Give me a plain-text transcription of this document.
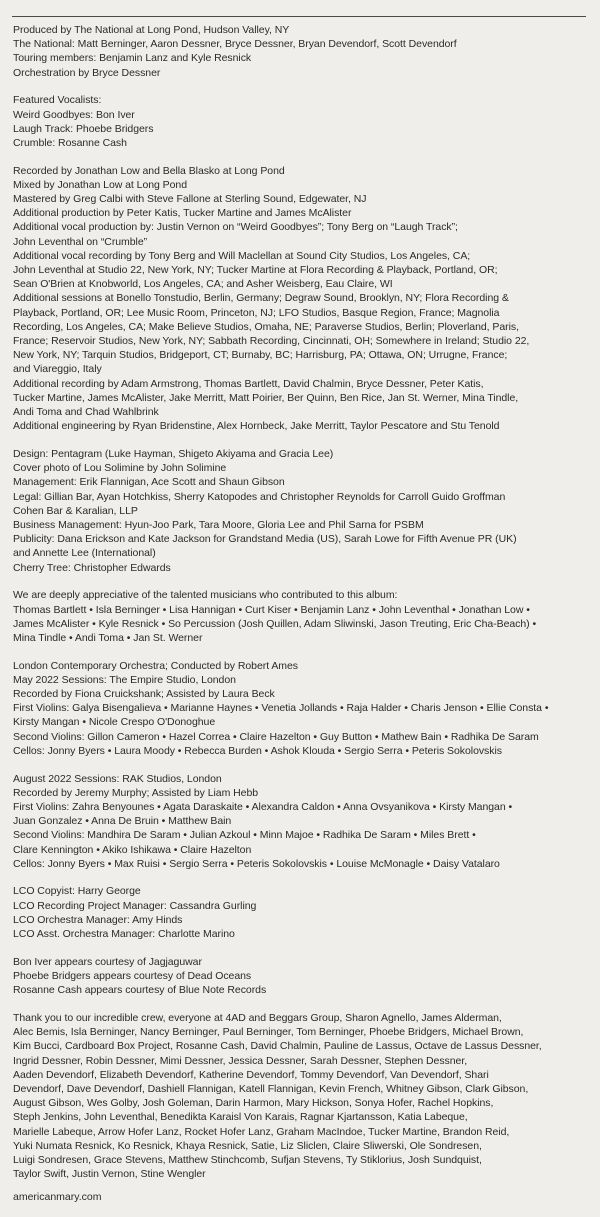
Produced by The National at Long Pond, Hudson Valley, NY
The National: Matt Berninger, Aaron Dessner, Bryce Dessner, Bryan Devendorf, Scott Devendorf
Touring members: Benjamin Lanz and Kyle Resnick
Orchestration by Bryce Dessner
Featured Vocalists:
Weird Goodbyes: Bon Iver
Laugh Track: Phoebe Bridgers
Crumble: Rosanne Cash
Recorded by Jonathan Low and Bella Blasko at Long Pond
Mixed by Jonathan Low at Long Pond
Mastered by Greg Calbi with Steve Fallone at Sterling Sound, Edgewater, NJ
Additional production by Peter Katis, Tucker Martine and James McAlister
Additional vocal production by: Justin Vernon on “Weird Goodbyes”; Tony Berg on “Laugh Track”;
John Leventhal on “Crumble”
Additional vocal recording by Tony Berg and Will Maclellan at Sound City Studios, Los Angeles, CA;
John Leventhal at Studio 22, New York, NY; Tucker Martine at Flora Recording & Playback, Portland, OR;
Sean O'Brien at Knobworld, Los Angeles, CA; and Asher Weisberg, Eau Claire, WI
Additional sessions at Bonello Tonstudio, Berlin, Germany; Degraw Sound, Brooklyn, NY; Flora Recording &
Playback, Portland, OR; Lee Music Room, Princeton, NJ; LFO Studios, Basque Region, France; Magnolia
Recording, Los Angeles, CA; Make Believe Studios, Omaha, NE; Paraverse Studios, Berlin; Ploverland, Paris,
France; Reservoir Studios, New York, NY; Sabbath Recording, Cincinnati, OH; Somewhere in Ireland; Studio 22,
New York, NY; Tarquin Studios, Bridgeport, CT; Burnaby, BC; Harrisburg, PA; Ottawa, ON; Urrugne, France;
and Viareggio, Italy
Additional recording by Adam Armstrong, Thomas Bartlett, David Chalmin, Bryce Dessner, Peter Katis,
Tucker Martine, James McAlister, Jake Merritt, Matt Poirier, Ber Quinn, Ben Rice, Jan St. Werner, Mina Tindle,
Andi Toma and Chad Wahlbrink
Additional engineering by Ryan Bridenstine, Alex Hornbeck, Jake Merritt, Taylor Pescatore and Stu Tenold
Design: Pentagram (Luke Hayman, Shigeto Akiyama and Gracia Lee)
Cover photo of Lou Solimine by John Solimine
Management: Erik Flannigan, Ace Scott and Shaun Gibson
Legal: Gillian Bar, Ayan Hotchkiss, Sherry Katopodes and Christopher Reynolds for Carroll Guido Groffman
Cohen Bar & Karalian, LLP
Business Management: Hyun-Joo Park, Tara Moore, Gloria Lee and Phil Sarna for PSBM
Publicity: Dana Erickson and Kate Jackson for Grandstand Media (US), Sarah Lowe for Fifth Avenue PR (UK)
and Annette Lee (International)
Cherry Tree: Christopher Edwards
We are deeply appreciative of the talented musicians who contributed to this album:
Thomas Bartlett • Isla Berninger • Lisa Hannigan • Curt Kiser • Benjamin Lanz • John Leventhal • Jonathan Low •
James McAlister • Kyle Resnick • So Percussion (Josh Quillen, Adam Sliwinski, Jason Treuting, Eric Cha-Beach) •
Mina Tindle • Andi Toma • Jan St. Werner
London Contemporary Orchestra; Conducted by Robert Ames
May 2022 Sessions: The Empire Studio, London
Recorded by Fiona Cruickshank; Assisted by Laura Beck
First Violins: Galya Bisengalieva • Marianne Haynes • Venetia Jollands • Raja Halder • Charis Jenson • Ellie Consta •
Kirsty Mangan • Nicole Crespo O'Donoghue
Second Violins: Gillon Cameron • Hazel Correa • Claire Hazelton • Guy Button • Mathew Bain • Radhika De Saram
Cellos: Jonny Byers • Laura Moody • Rebecca Burden • Ashok Klouda • Sergio Serra • Peteris Sokolovskis
August 2022 Sessions: RAK Studios, London
Recorded by Jeremy Murphy; Assisted by Liam Hebb
First Violins: Zahra Benyounes • Agata Daraskaite • Alexandra Caldon • Anna Ovsyanikova • Kirsty Mangan •
Juan Gonzalez • Anna De Bruin • Matthew Bain
Second Violins: Mandhira De Saram • Julian Azkoul • Minn Majoe • Radhika De Saram • Miles Brett •
Clare Kennington • Akiko Ishikawa • Claire Hazelton
Cellos: Jonny Byers • Max Ruisi • Sergio Serra • Peteris Sokolovskis • Louise McMonagle • Daisy Vatalaro
LCO Copyist: Harry George
LCO Recording Project Manager: Cassandra Gurling
LCO Orchestra Manager: Amy Hinds
LCO Asst. Orchestra Manager: Charlotte Marino
Bon Iver appears courtesy of Jagjaguwar
Phoebe Bridgers appears courtesy of Dead Oceans
Rosanne Cash appears courtesy of Blue Note Records
Thank you to our incredible crew, everyone at 4AD and Beggars Group, Sharon Agnello, James Alderman,
Alec Bemis, Isla Berninger, Nancy Berninger, Paul Berninger, Tom Berninger, Phoebe Bridgers, Michael Brown,
Kim Bucci, Cardboard Box Project, Rosanne Cash, David Chalmin, Pauline de Lassus, Octave de Lassus Dessner,
Ingrid Dessner, Robin Dessner, Mimi Dessner, Jessica Dessner, Sarah Dessner, Stephen Dessner,
Aaden Devendorf, Elizabeth Devendorf, Katherine Devendorf, Tommy Devendorf, Van Devendorf, Shari
Devendorf, Dave Devendorf, Dashiell Flannigan, Katell Flannigan, Kevin French, Whitney Gibson, Clark Gibson,
August Gibson, Wes Golby, Josh Goleman, Darin Harmon, Mary Hickson, Sonya Hofer, Rachel Hopkins,
Steph Jenkins, John Leventhal, Benedikta Karaisl Von Karais, Ragnar Kjartansson, Katia Labeque,
Marielle Labeque, Arrow Hofer Lanz, Rocket Hofer Lanz, Graham MacIndoe, Tucker Martine, Brandon Reid,
Yuki Numata Resnick, Ko Resnick, Khaya Resnick, Satie, Liz Sliclen, Claire Sliwerski, Ole Sondresen,
Luigi Sondresen, Grace Stevens, Matthew Stinchcomb, Sufjan Stevens, Ty Stiklorius, Josh Sundquist,
Taylor Swift, Justin Vernon, Stine Wengler
americanmary.com
